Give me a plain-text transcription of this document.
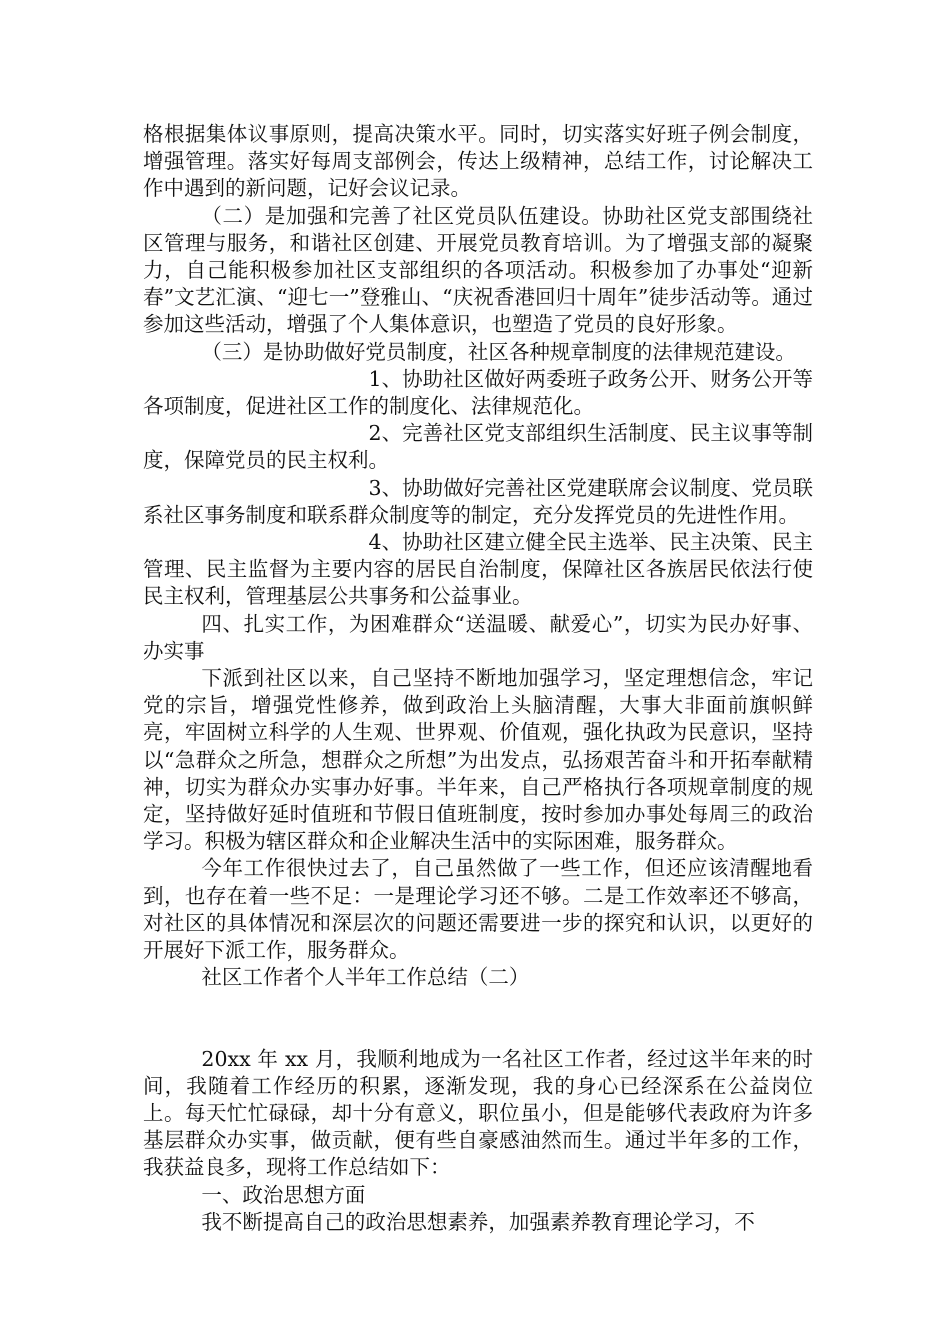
格根据集体议事原则，提高决策水平。同时，切实落实好班子例会制度，增强管理。落实好每周支部例会，传达上级精神，总结工作，讨论解决工作中遇到的新问题，记好会议记录。

（二）是加强和完善了社区党员队伍建设。协助社区党支部围绕社区管理与服务，和谐社区创建、开展党员教育培训。为了增强支部的凝聚力，自己能积极参加社区支部组织的各项活动。积极参加了办事处“迎新春”文艺汇演、“迎七一”登雅山、“庆祝香港回归十周年”徒步活动等。通过参加这些活动，增强了个人集体意识，也塑造了党员的良好形象。

（三）是协助做好党员制度，社区各种规章制度的法律规范建设。

1、协助社区做好两委班子政务公开、财务公开等各项制度，促进社区工作的制度化、法律规范化。

2、完善社区党支部组织生活制度、民主议事等制度，保障党员的民主权利。

3、协助做好完善社区党建联席会议制度、党员联系社区事务制度和联系群众制度等的制定，充分发挥党员的先进性作用。

4、协助社区建立健全民主选举、民主决策、民主管理、民主监督为主要内容的居民自治制度，保障社区各族居民依法行使民主权利，管理基层公共事务和公益事业。

四、扎实工作，为困难群众“送温暖、献爱心”，切实为民办好事、办实事

下派到社区以来，自己坚持不断地加强学习，坚定理想信念，牢记党的宗旨，增强党性修养，做到政治上头脑清醒，大事大非面前旗帜鲜亮，牢固树立科学的人生观、世界观、价值观，强化执政为民意识，坚持以“急群众之所急，想群众之所想”为出发点，弘扬艰苦奋斗和开拓奉献精神，切实为群众办实事办好事。半年来，自己严格执行各项规章制度的规定，坚持做好延时值班和节假日值班制度，按时参加办事处每周三的政治学习。积极为辖区群众和企业解决生活中的实际困难，服务群众。

今年工作很快过去了，自己虽然做了一些工作，但还应该清醒地看到，也存在着一些不足：一是理论学习还不够。二是工作效率还不够高，对社区的具体情况和深层次的问题还需要进一步的探究和认识，以更好的开展好下派工作，服务群众。

社区工作者个人半年工作总结（二）

20xx 年 xx 月，我顺利地成为一名社区工作者，经过这半年来的时间，我随着工作经历的积累，逐渐发现，我的身心已经深系在公益岗位上。每天忙忙碌碌，却十分有意义，职位虽小，但是能够代表政府为许多基层群众办实事，做贡献，便有些自豪感油然而生。通过半年多的工作，我获益良多，现将工作总结如下：

一、政治思想方面

我不断提高自己的政治思想素养，加强素养教育理论学习，不
